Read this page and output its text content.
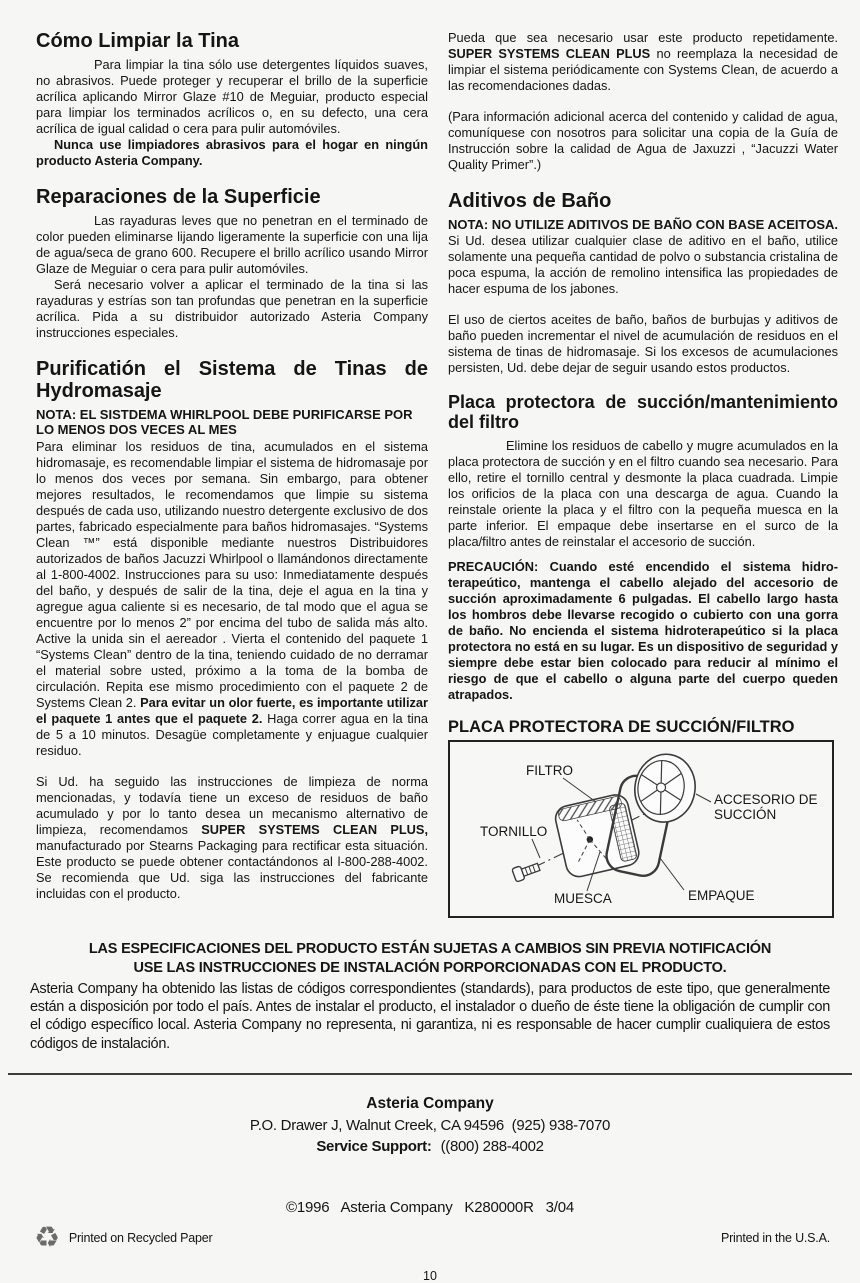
Cómo Limpiar la Tina

Para limpiar la tina sólo use detergentes líquidos suaves, no abrasivos. Puede proteger y recuperar el brillo de la superficie acrílica aplicando Mirror Glaze #10 de Meguiar, producto especial para limpiar los terminados acrílicos o, en su defecto, una cera acrílica de igual calidad o cera para pulir automóviles.

Nunca use limpiadores abrasivos para el hogar en ningún producto Asteria Company.

Reparaciones de la Superficie

Las rayaduras leves que no penetran en el terminado de color pueden eliminarse lijando ligeramente la superficie con una lija de agua/seca de grano 600. Recupere el brillo acrílico usando Mirror Glaze de Meguiar o cera para pulir automóviles.

Será necesario volver a aplicar el terminado de la tina si las rayaduras y estrías son tan profundas que penetran en la superficie acrílica. Pida a su distribuidor autorizado Asteria Company instrucciones especiales.

Purificatión el Sistema de Tinas de Hydromasaje

NOTA: EL SISTDEMA WHIRLPOOL DEBE PURIFICARSE POR LO MENOS DOS VECES AL MES

Para eliminar los residuos de tina, acumulados en el sistema hidromasaje, es recomendable limpiar el sistema de hidromasaje por lo menos dos veces por semana. Sin embargo, para obtener mejores resultados, le recomendamos que limpie su sistema después de cada uso, utilizando nuestro detergente exclusivo de dos partes, fabricado especialmente para baños hidromasajes. “Systems Clean ™” está disponible mediante nuestros Distribuidores autorizados de baños Jacuzzi Whirlpool o llamándonos directamente al 1-800-4002. Instrucciones para su uso: Inmediatamente después del baño, y después de salir de la tina, deje el agua en la tina y agregue agua caliente si es necesario, de tal modo que el agua se encuentre por lo menos 2” por encima del tubo de salida más alto. Active la unida sin el aereador . Vierta el contenido del paquete 1 “Systems Clean” dentro de la tina, teniendo cuidado de no derramar el material sobre usted, próximo a la toma de la bomba de circulación. Repita ese mismo procedimiento con el paquete 2 de Systems Clean 2. Para evitar un olor fuerte, es importante utilizar el paquete 1 antes que el paquete 2. Haga correr agua en la tina de 5 a 10 minutos. Desagüe completamente y enjuague cualquier residuo.

Si Ud. ha seguido las instrucciones de limpieza de norma mencionadas, y todavía tiene un exceso de residuos de baño acumulado y por lo tanto desea un mecanismo alternativo de limpieza, recomendamos SUPER SYSTEMS CLEAN PLUS, manufacturado por Stearns Packaging para rectificar esta situación. Este producto se puede obtener contactándonos al l-800-288-4002. Se recomienda que Ud. siga las instrucciones del fabricante incluidas con el producto.

Pueda que sea necesario usar este producto repetidamente. SUPER SYSTEMS CLEAN PLUS no reemplaza la necesidad de limpiar el sistema periódicamente con Systems Clean, de acuerdo a las recomendaciones dadas.

(Para información adicional acerca del contenido y calidad de agua, comuníquese con nosotros para solicitar una copia de la Guía de Instrucción sobre la calidad de Agua de Jaxuzzi , “Jacuzzi Water Quality Primer”.)

Aditivos de Baño

NOTA: NO UTILIZE ADITIVOS DE BAÑO CON BASE ACEITOSA.

Si Ud. desea utilizar cualquier clase de aditivo en el baño, utilice solamente una pequeña cantidad de polvo o substancia cristalina de poca espuma, la acción de remolino intensifica las propiedades de hacer espuma de los jabones.

El uso de ciertos aceites de baño, baños de burbujas y aditivos de baño pueden incrementar el nivel de acumulación de residuos en el sistema de tinas de hidromasaje. Si los excesos de acumulaciones persisten, Ud. debe dejar de seguir usando estos productos.

Placa protectora de succión/mantenimiento del filtro

Elimine los residuos de cabello y mugre acumulados en la placa protectora de succión y en el filtro cuando sea necesario. Para ello, retire el tornillo central y desmonte la placa cuadrada. Limpie los orificios de la placa con una descarga de agua. Cuando la reinstale oriente la placa y el filtro con la pequeña muesca en la parte inferior. El empaque debe insertarse en el surco de la placa/filtro antes de reinstalar el accesorio de succión.

PRECAUCIÓN: Cuando esté encendido el sistema hidro-terapeútico, mantenga el cabello alejado del accesorio de succión aproximadamente 6 pulgadas. El cabello largo hasta los hombros debe llevarse recogido o cubierto con una gorra de baño. No encienda el sistema hidroterapeútico si la placa protectora no está en su lugar. Es un dispositivo de seguridad y siempre debe estar bien colocado para reducir al mínimo el riesgo de que el cabello o alguna parte del cuerpo queden atrapados.

PLACA PROTECTORA DE SUCCIÓN/FILTRO
FILTRO
TORNILLO
MUESCA	EMPAQUE
ACCESORIO DE
SUCCIÓN

LAS ESPECIFICACIONES DEL PRODUCTO ESTÁN SUJETAS A CAMBIOS SIN PREVIA NOTIFICACIÓN

USE LAS INSTRUCCIONES DE INSTALACIÓN PORPORCIONADAS CON EL PRODUCTO.

Asteria Company ha obtenido las listas de códigos correspondientes (standards), para productos de este tipo, que generalmente están a disposición por todo el país. Antes de instalar el producto, el instalador o dueño de éste tiene la obligación de cumplir con el código específico local. Asteria Company no representa, ni garantiza, ni es responsable de hacer cumplir cualiquiera de estos códigos de instalación.

Asteria Company

P.O. Drawer J, Walnut Creek, CA 94596  (925) 938-7070

Service Support: ((800) 288-4002

©1996   Asteria Company   K280000R   3/04

♻ Printed on Recycled Paper	Printed in the U.S.A.

10
